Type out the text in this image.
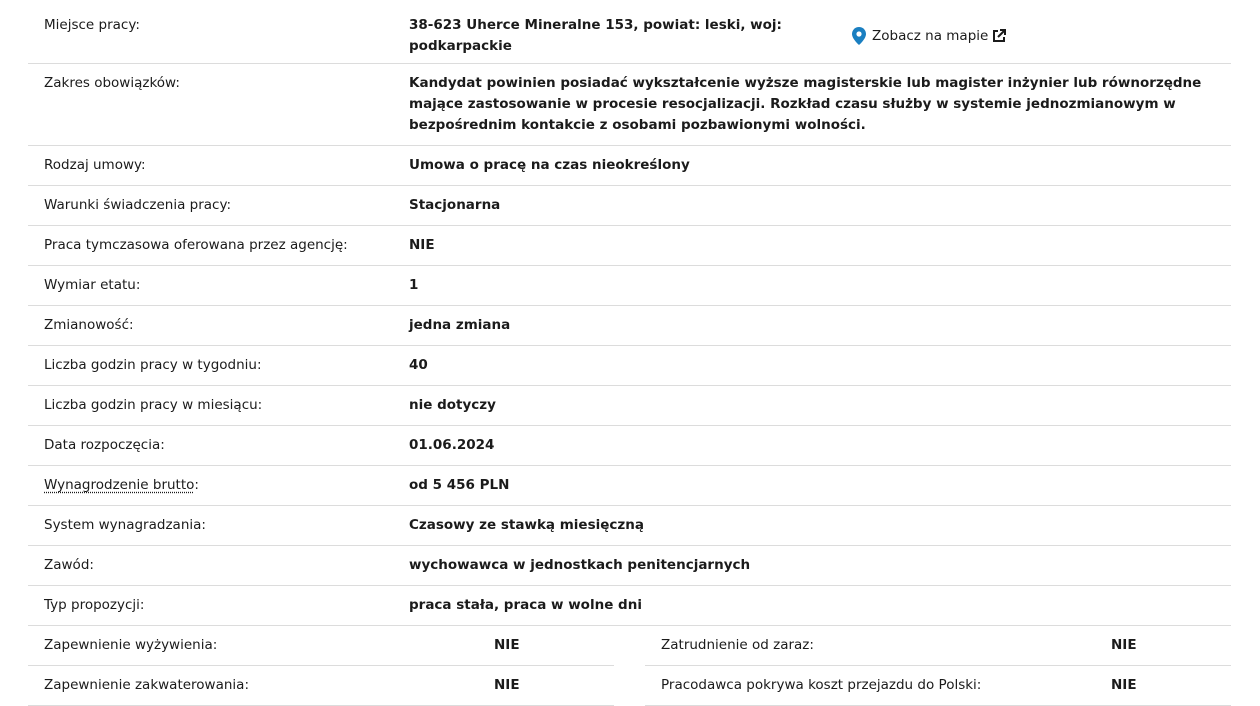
Miejsce pracy:	38-623 Uherce Mineralne 153, powiat: leski, woj: podkarpackie
Zobacz na mapie
Zakres obowiązków:	Kandydat powinien posiadać wykształcenie wyższe magisterskie lub magister inżynier lub równorzędne mające zastosowanie w procesie resocjalizacji. Rozkład czasu służby w systemie jednozmianowym w bezpośrednim kontakcie z osobami pozbawionymi wolności.
Rodzaj umowy:	Umowa o pracę na czas nieokreślony
Warunki świadczenia pracy:	Stacjonarna
Praca tymczasowa oferowana przez agencję:	NIE
Wymiar etatu:	1
Zmianowość:	jedna zmiana
Liczba godzin pracy w tygodniu:	40
Liczba godzin pracy w miesiącu:	nie dotyczy
Data rozpoczęcia:	01.06.2024
Wynagrodzenie brutto:	od 5 456 PLN
System wynagradzania:	Czasowy ze stawką miesięczną
Zawód:	wychowawca w jednostkach penitencjarnych
Typ propozycji:	praca stała, praca w wolne dni
Zapewnienie wyżywienia:	NIE
Zapewnienie zakwaterowania:	NIE
Zatrudnienie od zaraz:	NIE
Pracodawca pokrywa koszt przejazdu do Polski:	NIE
